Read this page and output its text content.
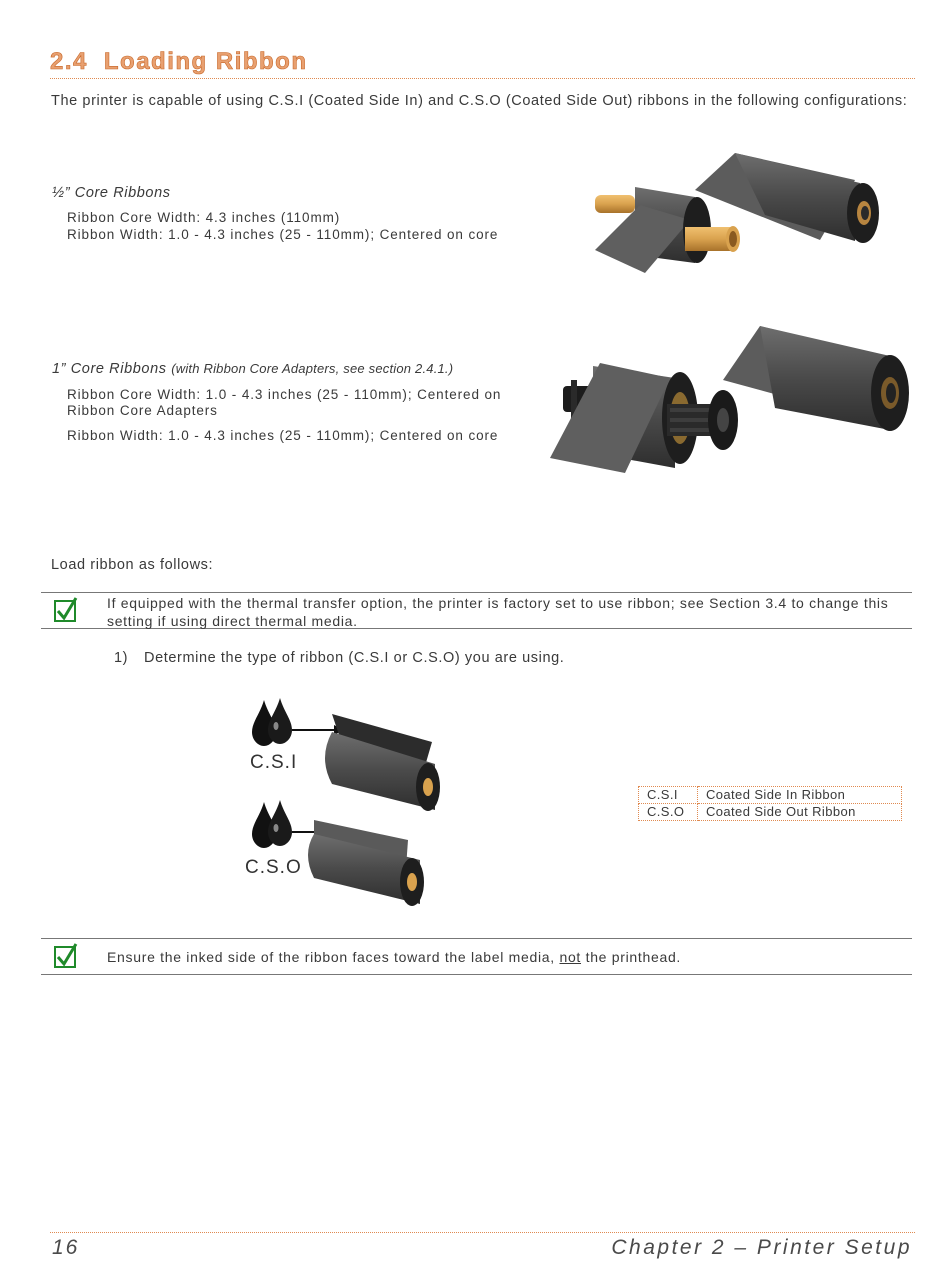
2.4 Loading Ribbon
The printer is capable of using C.S.I (Coated Side In) and C.S.O (Coated Side Out) ribbons in the following configurations:
½” Core Ribbons
Ribbon Core Width: 4.3 inches (110mm)
Ribbon Width: 1.0 - 4.3 inches (25 - 110mm); Centered on core
1” Core Ribbons (with Ribbon Core Adapters, see section 2.4.1.)
Ribbon Core Width: 1.0 - 4.3 inches (25 - 110mm); Centered on Ribbon Core Adapters
Ribbon Width: 1.0 - 4.3 inches (25 - 110mm); Centered on core
Load ribbon as follows:
If equipped with the thermal transfer option, the printer is factory set to use ribbon; see Section 3.4 to change this setting if using direct thermal media.
1) Determine the type of ribbon (C.S.I or C.S.O) you are using.
C.S.I
C.S.O
C.S.I	Coated Side In Ribbon
C.S.O	Coated Side Out Ribbon
Ensure the inked side of the ribbon faces toward the label media, not the printhead.
16	Chapter 2 – Printer Setup
